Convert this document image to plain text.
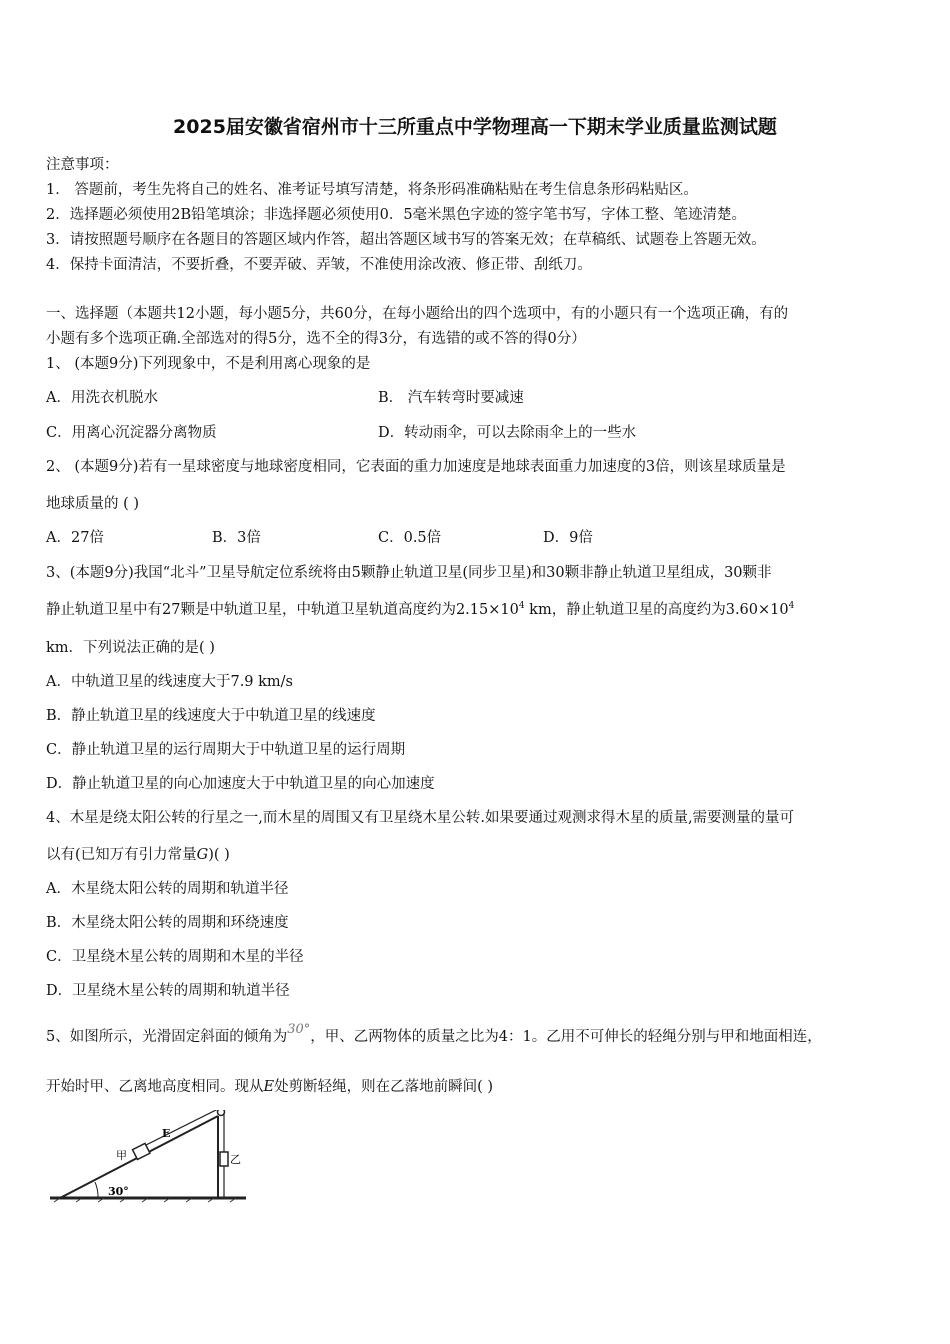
2025届安徽省宿州市十三所重点中学物理高一下期末学业质量监测试题
注意事项：
1． 答题前，考生先将自己的姓名、准考证号填写清楚，将条形码准确粘贴在考生信息条形码粘贴区。
2．选择题必须使用2B铅笔填涂；非选择题必须使用0．5毫米黑色字迹的签字笔书写，字体工整、笔迹清楚。
3．请按照题号顺序在各题目的答题区域内作答，超出答题区域书写的答案无效；在草稿纸、试题卷上答题无效。
4．保持卡面清洁，不要折叠，不要弄破、弄皱，不准使用涂改液、修正带、刮纸刀。
一、选择题（本题共12小题，每小题5分，共60分，在每小题给出的四个选项中，有的小题只有一个选项正确，有的
小题有多个选项正确.全部选对的得5分，选不全的得3分，有选错的或不答的得0分）
1、 (本题9分)下列现象中，不是利用离心现象的是
A．用洗衣机脱水	B． 汽车转弯时要减速
C．用离心沉淀器分离物质	D．转动雨伞，可以去除雨伞上的一些水
2、 (本题9分)若有一星球密度与地球密度相同，它表面的重力加速度是地球表面重力加速度的3倍，则该星球质量是
地球质量的 ( )
A．27倍	B．3倍	C．0.5倍	D．9倍
3、(本题9分)我国“北斗”卫星导航定位系统将由5颗静止轨道卫星(同步卫星)和30颗非静止轨道卫星组成，30颗非
静止轨道卫星中有27颗是中轨道卫星，中轨道卫星轨道高度约为$2.15\times 10^4$ km，静止轨道卫星的高度约为$3.60\times 10^4$
km．下列说法正确的是( )
A．中轨道卫星的线速度大于7.9 km/s
B．静止轨道卫星的线速度大于中轨道卫星的线速度
C．静止轨道卫星的运行周期大于中轨道卫星的运行周期
D．静止轨道卫星的向心加速度大于中轨道卫星的向心加速度
4、木星是绕太阳公转的行星之一,而木星的周围又有卫星绕木星公转.如果要通过观测求得木星的质量,需要测量的量可
以有(已知万有引力常量G)( )
A．木星绕太阳公转的周期和轨道半径
B．木星绕太阳公转的周期和环绕速度
C．卫星绕木星公转的周期和木星的半径
D．卫星绕木星公转的周期和轨道半径
5、如图所示，光滑固定斜面的倾角为30°，甲、乙两物体的质量之比为4：1。乙用不可伸长的轻绳分别与甲和地面相连，
开始时甲、乙离地高度相同。现从E处剪断轻绳，则在乙落地前瞬间( )
30°
甲
E
乙
